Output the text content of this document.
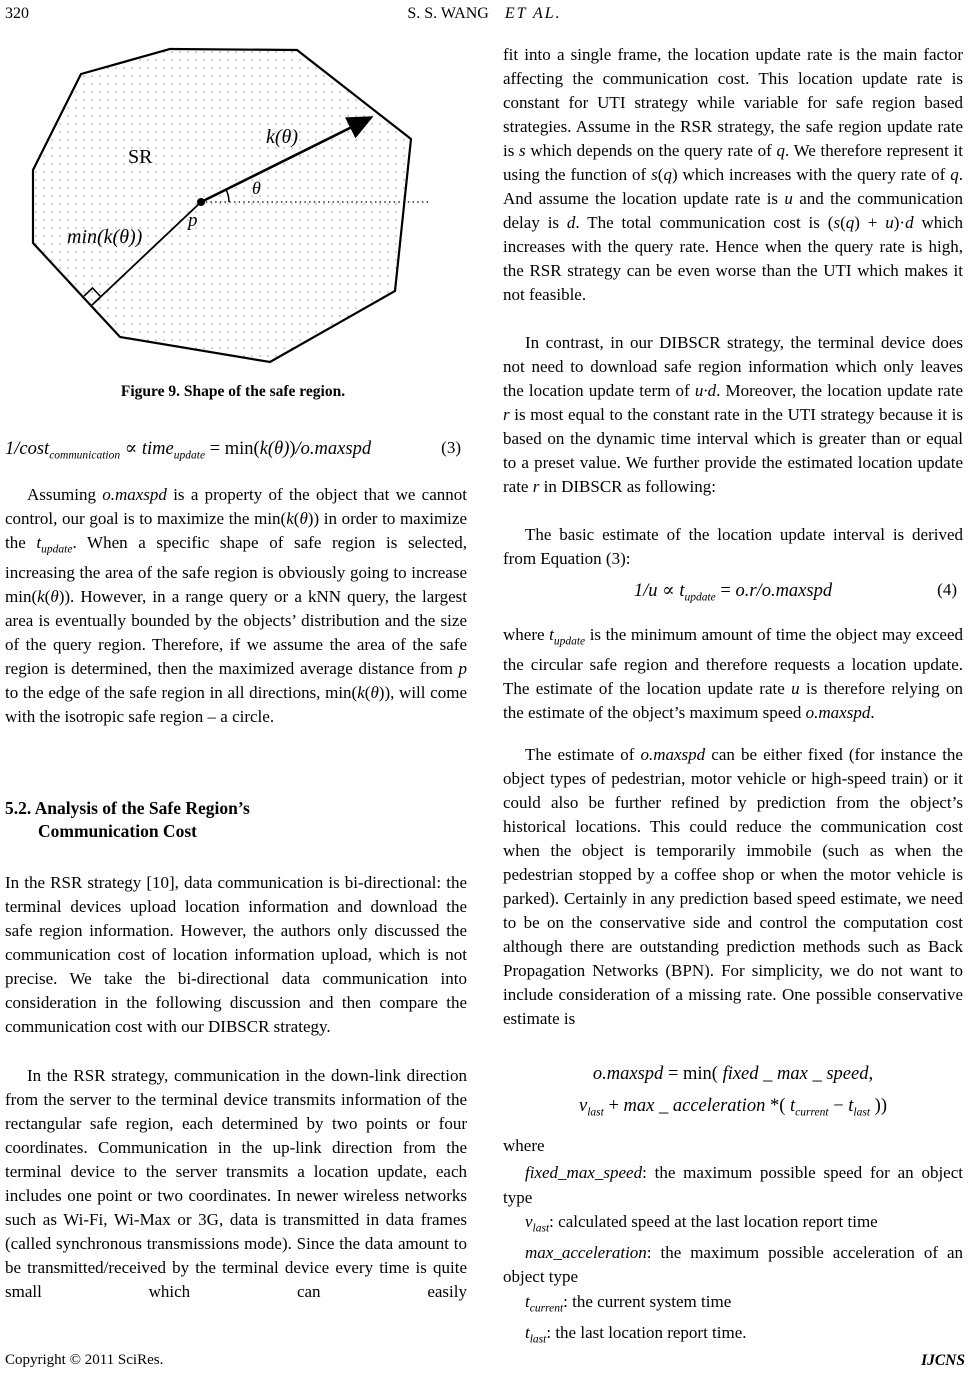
320	S. S. WANG ET AL.
SR
k(θ)
θ
p
min(k(θ))
Figure 9. Shape of the safe region.
1/cost$_{communication}$ ∝ time$_{update}$ = min(k(θ))/o.maxspd	(3)
Assuming o.maxspd is a property of the object that we cannot control, our goal is to maximize the min(k(θ)) in order to maximize the $t_{update}$. When a specific shape of safe region is selected, increasing the area of the safe region is obviously going to increase min(k(θ)). However, in a range query or a kNN query, the largest area is eventually bounded by the objects’ distribution and the size of the query region. Therefore, if we assume the area of the safe region is determined, then the maximized average distance from p to the edge of the safe region in all directions, min(k(θ)), will come with the isotropic safe region – a circle.
5.2. Analysis of the Safe Region’s
Communication Cost
In the RSR strategy [10], data communication is bi-directional: the terminal devices upload location information and download the safe region information. However, the authors only discussed the communication cost of location information upload, which is not precise. We take the bi-directional data communication into consideration in the following discussion and then compare the communication cost with our DIBSCR strategy.
In the RSR strategy, communication in the down-link direction from the server to the terminal device transmits information of the rectangular safe region, each determined by two points or four coordinates. Communication in the up-link direction from the terminal device to the server transmits a location update, each includes one point or two coordinates. In newer wireless networks such as Wi-Fi, Wi-Max or 3G, data is transmitted in data frames (called synchronous transmissions mode). Since the data amount to be transmitted/received by the terminal device every time is quite small which can easily
fit into a single frame, the location update rate is the main factor affecting the communication cost. This location update rate is constant for UTI strategy while variable for safe region based strategies. Assume in the RSR strategy, the safe region update rate is s which depends on the query rate of q. We therefore represent it using the function of s(q) which increases with the query rate of q. And assume the location update rate is u and the communication delay is d. The total communication cost is (s(q) + u)·d which increases with the query rate. Hence when the query rate is high, the RSR strategy can be even worse than the UTI which makes it not feasible.
In contrast, in our DIBSCR strategy, the terminal device does not need to download safe region information which only leaves the location update term of u·d. Moreover, the location update rate r is most equal to the constant rate in the UTI strategy because it is based on the dynamic time interval which is greater than or equal to a preset value. We further provide the estimated location update rate r in DIBSCR as following:
The basic estimate of the location update interval is derived from Equation (3):
$1/u \propto t_{update}$ = o.r/o.maxspd	(4)
where $t_{update}$ is the minimum amount of time the object may exceed the circular safe region and therefore requests a location update. The estimate of the location update rate u is therefore relying on the estimate of the object’s maximum speed o.maxspd.
The estimate of o.maxspd can be either fixed (for instance the object types of pedestrian, motor vehicle or high-speed train) or it could also be further refined by prediction from the object’s historical locations. This could reduce the communication cost when the object is temporarily immobile (such as when the pedestrian stopped by a coffee shop or when the motor vehicle is parked). Certainly in any prediction based speed estimate, we need to be on the conservative side and control the computation cost although there are outstanding prediction methods such as Back Propagation Networks (BPN). For simplicity, we do not want to include consideration of a missing rate. One possible conservative estimate is
o.maxspd = min( fixed _ max _ speed,
$v_{last} + \max$ _ acceleration *( $t_{current} - t_{last}$ ))
where
fixed_max_speed: the maximum possible speed for an object type
$v_{last}$: calculated speed at the last location report time
max_acceleration: the maximum possible acceleration of an object type
$t_{current}$: the current system time
$t_{last}$: the last location report time.
Copyright © 2011 SciRes.	IJCNS
